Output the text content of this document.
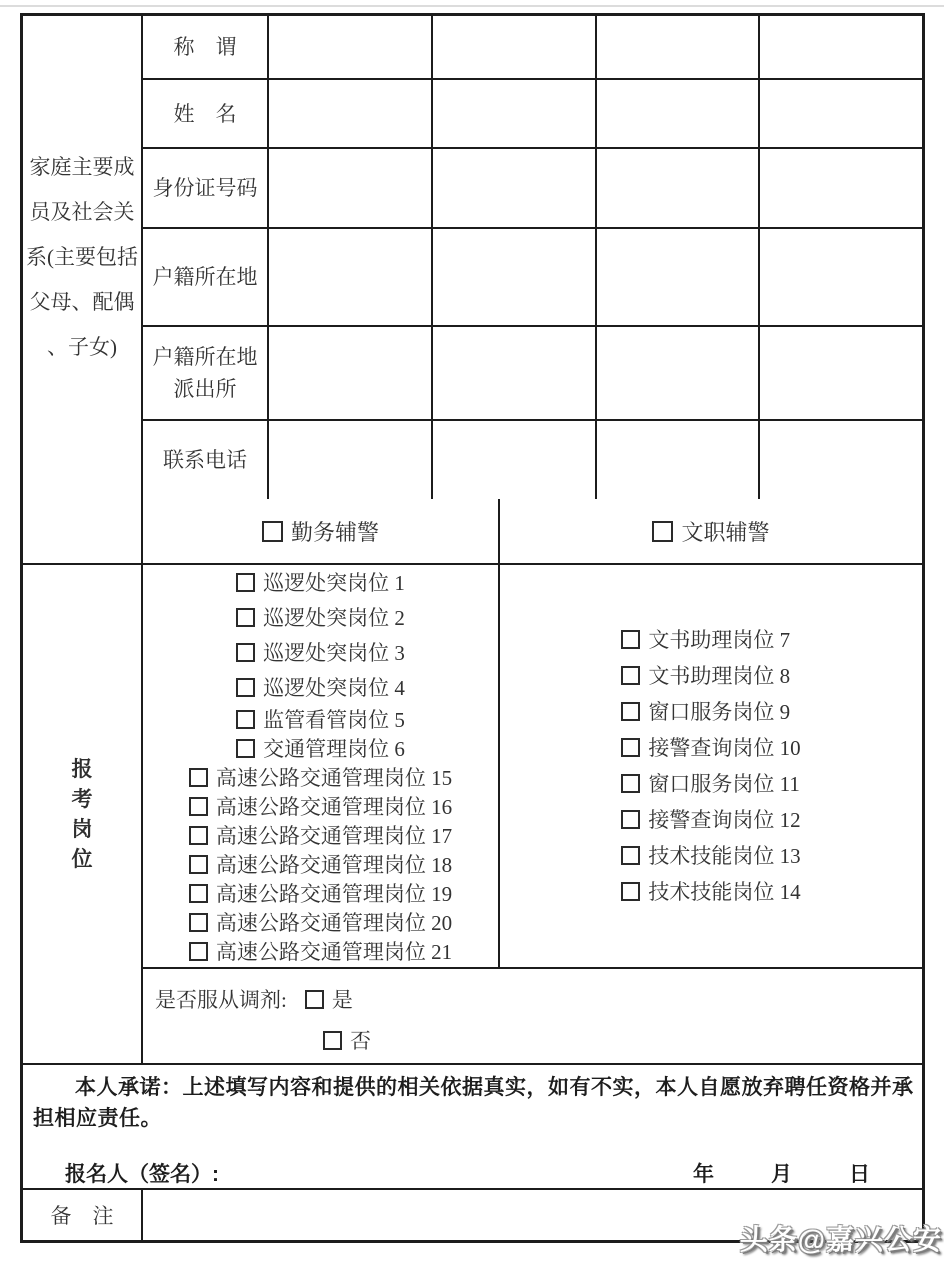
家庭主要成员及社会关系(主要包括父母、配偶、子女)
称　谓
姓　名
身份证号码
户籍所在地
户籍所在地派出所
联系电话
勤务辅警	文职辅警
报考岗位
巡逻处突岗位 1
巡逻处突岗位 2
巡逻处突岗位 3
巡逻处突岗位 4
监管看管岗位 5
交通管理岗位 6
高速公路交通管理岗位 15
高速公路交通管理岗位 16
高速公路交通管理岗位 17
高速公路交通管理岗位 18
高速公路交通管理岗位 19
高速公路交通管理岗位 20
高速公路交通管理岗位 21
文书助理岗位 7
文书助理岗位 8
窗口服务岗位 9
接警查询岗位 10
窗口服务岗位 11
接警查询岗位 12
技术技能岗位 13
技术技能岗位 14
是否服从调剂: 是
否

本人承诺：上述填写内容和提供的相关依据真实，如有不实，本人自愿放弃聘任资格并承担相应责任。

报名人（签名）:	年	月	日
备　注
头条@嘉兴公安
